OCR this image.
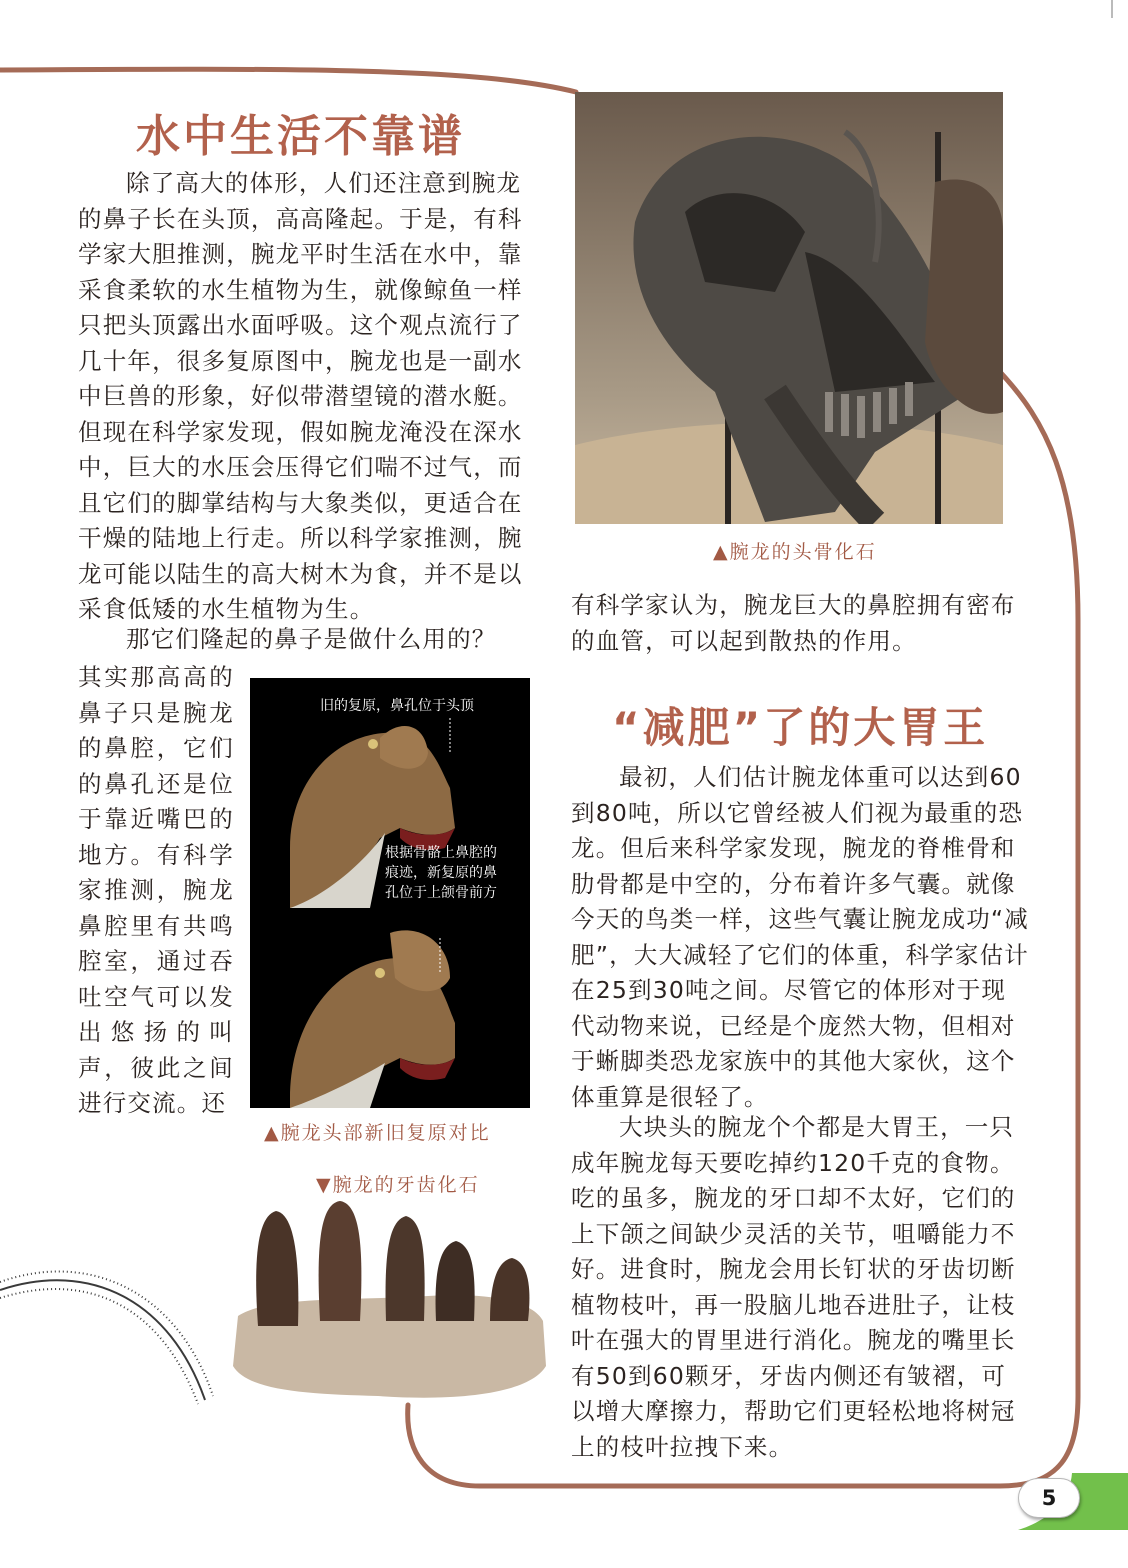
水中生活不靠谱

除了高大的体形，人们还注意到腕龙的鼻子长在头顶，高高隆起。于是，有科学家大胆推测，腕龙平时生活在水中，靠采食柔软的水生植物为生，就像鲸鱼一样只把头顶露出水面呼吸。这个观点流行了几十年，很多复原图中，腕龙也是一副水中巨兽的形象，好似带潜望镜的潜水艇。但现在科学家发现，假如腕龙淹没在深水中，巨大的水压会压得它们喘不过气，而且它们的脚掌结构与大象类似，更适合在干燥的陆地上行走。所以科学家推测，腕龙可能以陆生的高大树木为食，并不是以采食低矮的水生植物为生。

那它们隆起的鼻子是做什么用的？

其实那高高的鼻子只是腕龙的鼻腔，它们的鼻孔还是位于靠近嘴巴的地方。有科学家推测，腕龙鼻腔里有共鸣腔室，通过吞吐空气可以发出悠扬的叫声，彼此之间进行交流。还

有科学家认为，腕龙巨大的鼻腔拥有密布的血管，可以起到散热的作用。

▲腕龙的头骨化石
旧的复原，鼻孔位于头顶
根据骨骼上鼻腔的痕迹，新复原的鼻孔位于上颌骨前方
▲腕龙头部新旧复原对比
▼腕龙的牙齿化石
“减肥”了的大胃王

最初，人们估计腕龙体重可以达到60到80吨，所以它曾经被人们视为最重的恐龙。但后来科学家发现，腕龙的脊椎骨和肋骨都是中空的，分布着许多气囊。就像今天的鸟类一样，这些气囊让腕龙成功“减肥”，大大减轻了它们的体重，科学家估计在25到30吨之间。尽管它的体形对于现代动物来说，已经是个庞然大物，但相对于蜥脚类恐龙家族中的其他大家伙，这个体重算是很轻了。

大块头的腕龙个个都是大胃王，一只成年腕龙每天要吃掉约120千克的食物。吃的虽多，腕龙的牙口却不太好，它们的上下颌之间缺少灵活的关节，咀嚼能力不好。进食时，腕龙会用长钉状的牙齿切断植物枝叶，再一股脑儿地吞进肚子，让枝叶在强大的胃里进行消化。腕龙的嘴里长有50到60颗牙，牙齿内侧还有皱褶，可以增大摩擦力，帮助它们更轻松地将树冠上的枝叶拉拽下来。

5
